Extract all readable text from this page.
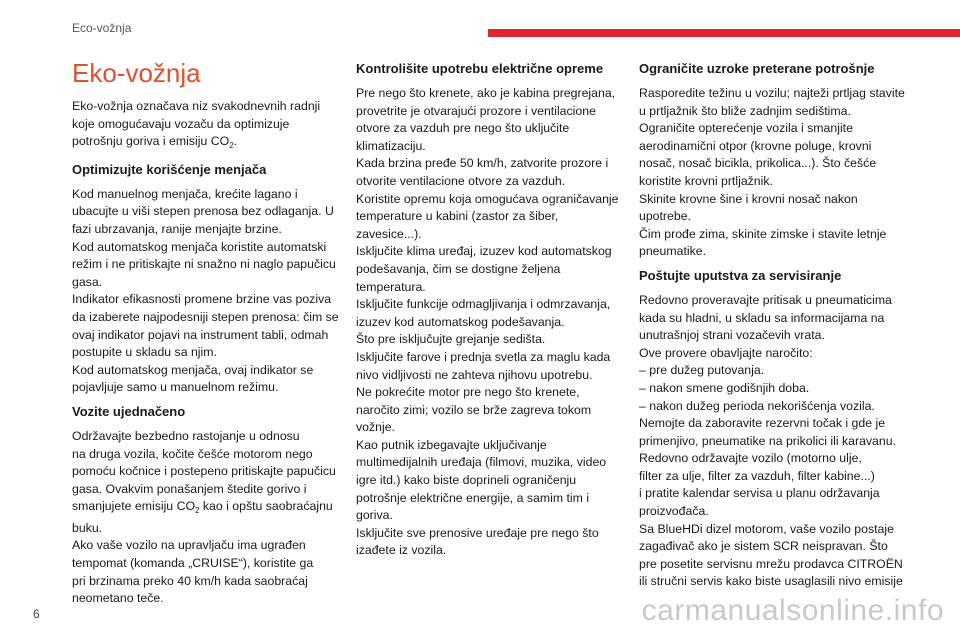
Eco-vožnja
Eko-vožnja

Eko-vožnja označava niz svakodnevnih radnji
koje omogućavaju vozaču da optimizuje
potrošnju goriva i emisiju $CO_2$.

Optimizujte korišćenje menjača

Kod manuelnog menjača, krećite lagano i
ubacujte u viši stepen prenosa bez odlaganja. U
fazi ubrzavanja, ranije menjajte brzine.
Kod automatskog menjača koristite automatski
režim i ne pritiskajte ni snažno ni naglo papučicu
gasa.
Indikator efikasnosti promene brzine vas poziva
da izaberete najpodesniji stepen prenosa: čim se
ovaj indikator pojavi na instrument tabli, odmah
postupite u skladu sa njim.
Kod automatskog menjača, ovaj indikator se
pojavljuje samo u manuelnom režimu.

Vozite ujednačeno

Održavajte bezbedno rastojanje u odnosu
na druga vozila, kočite češće motorom nego
pomoću kočnice i postepeno pritiskajte papučicu
gasa. Ovakvim ponašanjem štedite gorivo i
smanjujete emisiju $CO_2$ kao i opštu saobraćajnu
buku.
Ako vaše vozilo na upravljaču ima ugrađen
tempomat (komanda „CRUISE“), koristite ga
pri brzinama preko 40 km/h kada saobraćaj
neometano teče.

Kontrolišite upotrebu električne opreme

Pre nego što krenete, ako je kabina pregrejana,
provetrite je otvarajući prozore i ventilacione
otvore za vazduh pre nego što uključite
klimatizaciju.
Kada brzina pređe 50 km/h, zatvorite prozore i
otvorite ventilacione otvore za vazduh.
Koristite opremu koja omogućava ograničavanje
temperature u kabini (zastor za šiber,
zavesice...).
Isključite klima uređaj, izuzev kod automatskog
podešavanja, čim se dostigne željena
temperatura.
Isključite funkcije odmagljivanja i odmrzavanja,
izuzev kod automatskog podešavanja.
Što pre isključujte grejanje sedišta.
Isključite farove i prednja svetla za maglu kada
nivo vidljivosti ne zahteva njihovu upotrebu.
Ne pokrećite motor pre nego što krenete,
naročito zimi; vozilo se brže zagreva tokom
vožnje.
Kao putnik izbegavajte uključivanje
multimedijalnih uređaja (filmovi, muzika, video
igre itd.) kako biste doprineli ograničenju
potrošnje električne energije, a samim tim i
goriva.
Isključite sve prenosive uređaje pre nego što
izađete iz vozila.

Ograničite uzroke preterane potrošnje

Rasporedite težinu u vozilu; najteži prtljag stavite
u prtljažnik što bliže zadnjim sedištima.
Ograničite opterećenje vozila i smanjite
aerodinamični otpor (krovne poluge, krovni
nosač, nosač bicikla, prikolica...). Što češće
koristite krovni prtljažnik.
Skinite krovne šine i krovni nosač nakon
upotrebe.
Čim prođe zima, skinite zimske i stavite letnje
pneumatike.

Poštujte uputstva za servisiranje

Redovno proveravajte pritisak u pneumaticima
kada su hladni, u skladu sa informacijama na
unutrašnjoj strani vozačevih vrata.
Ove provere obavljajte naročito:
– pre dužeg putovanja.
– nakon smene godišnjih doba.
– nakon dužeg perioda nekorišćenja vozila.
Nemojte da zaboravite rezervni točak i gde je
primenjivo, pneumatike na prikolici ili karavanu.
Redovno održavajte vozilo (motorno ulje,
filter za ulje, filter za vazduh, filter kabine...)
i pratite kalendar servisa u planu održavanja
proizvođača.
Sa BlueHDi dizel motorom, vaše vozilo postaje
zagađivač ako je sistem SCR neispravan. Što
pre posetite servisnu mrežu prodavca CITROËN
ili stručni servis kako biste usaglasili nivo emisije

6	carmanualsonline.info
